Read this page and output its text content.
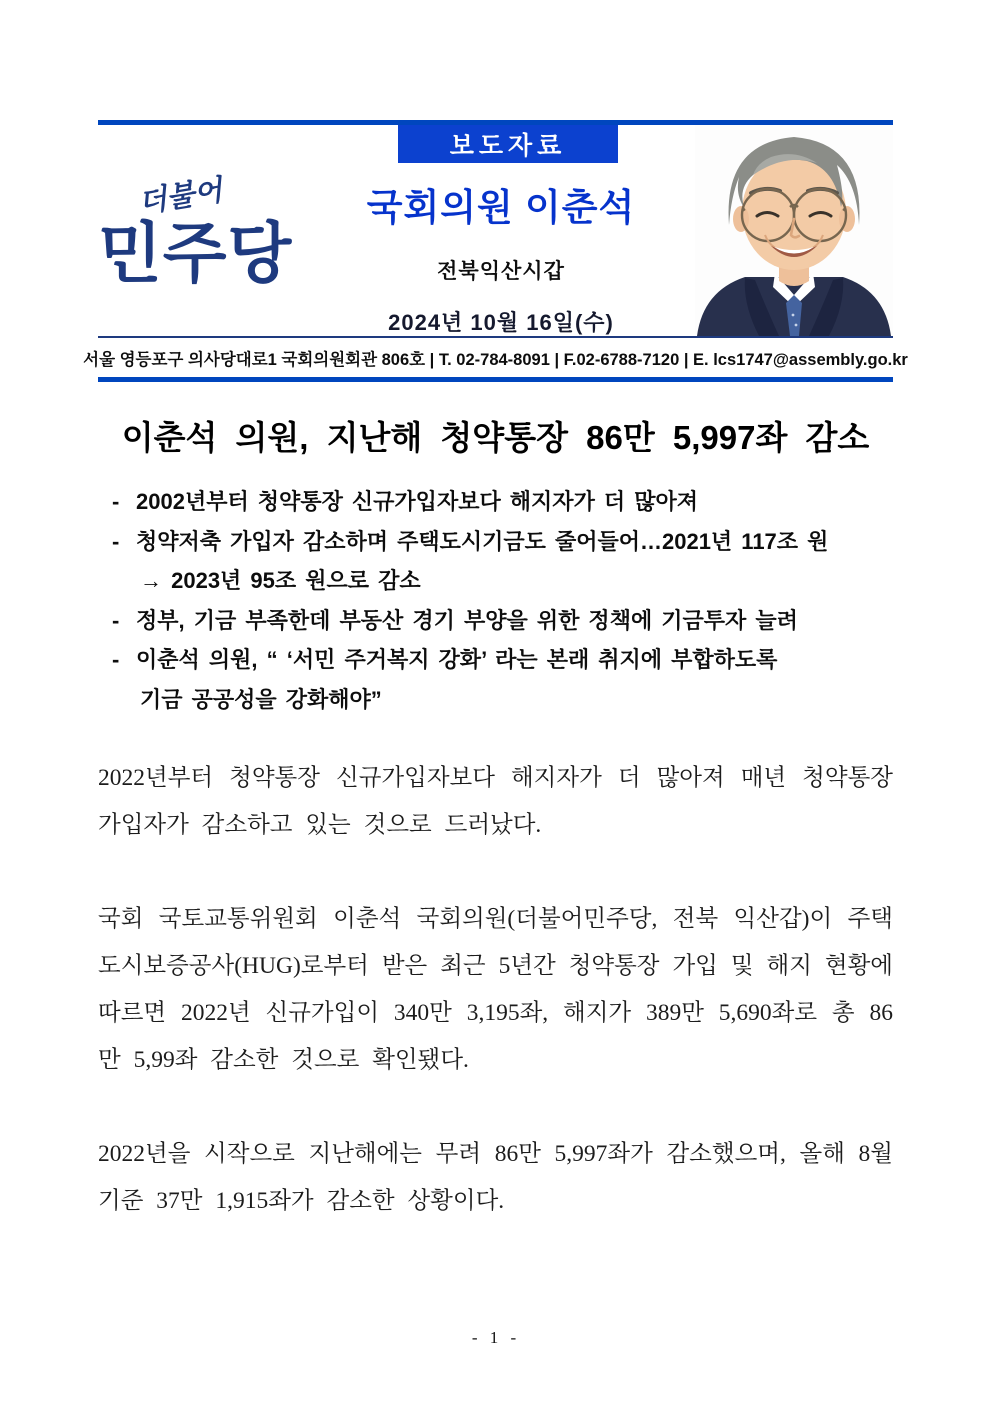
보도자료
더불어
민주당
국회의원 이춘석
전북익산시갑
2024년 10월 16일(수)
서울 영등포구 의사당대로1 국회의원회관 806호 | T. 02-784-8091 | F.02-6788-7120 | E. lcs1747@assembly.go.kr
이춘석 의원, 지난해 청약통장 86만 5,997좌 감소
- 2002년부터 청약통장 신규가입자보다 해지자가 더 많아져
- 청약저축 가입자 감소하며 주택도시기금도 줄어들어…2021년 117조 원
→ 2023년 95조 원으로 감소
- 정부, 기금 부족한데 부동산 경기 부양을 위한 정책에 기금투자 늘려
- 이춘석 의원, “ ‘서민 주거복지 강화’ 라는 본래 취지에 부합하도록
기금 공공성을 강화해야”

2022년부터 청약통장 신규가입자보다 해지자가 더 많아져 매년 청약통장 가입자가 감소하고 있는 것으로 드러났다.

국회 국토교통위원회 이춘석 국회의원(더불어민주당, 전북 익산갑)이 주택도시보증공사(HUG)로부터 받은 최근 5년간 청약통장 가입 및 해지 현황에 따르면 2022년 신규가입이 340만 3,195좌, 해지가 389만 5,690좌로 총 86만 5,99좌 감소한 것으로 확인됐다.

2022년을 시작으로 지난해에는 무려 86만 5,997좌가 감소했으며, 올해 8월 기준 37만 1,915좌가 감소한 상황이다.

- 1 -
